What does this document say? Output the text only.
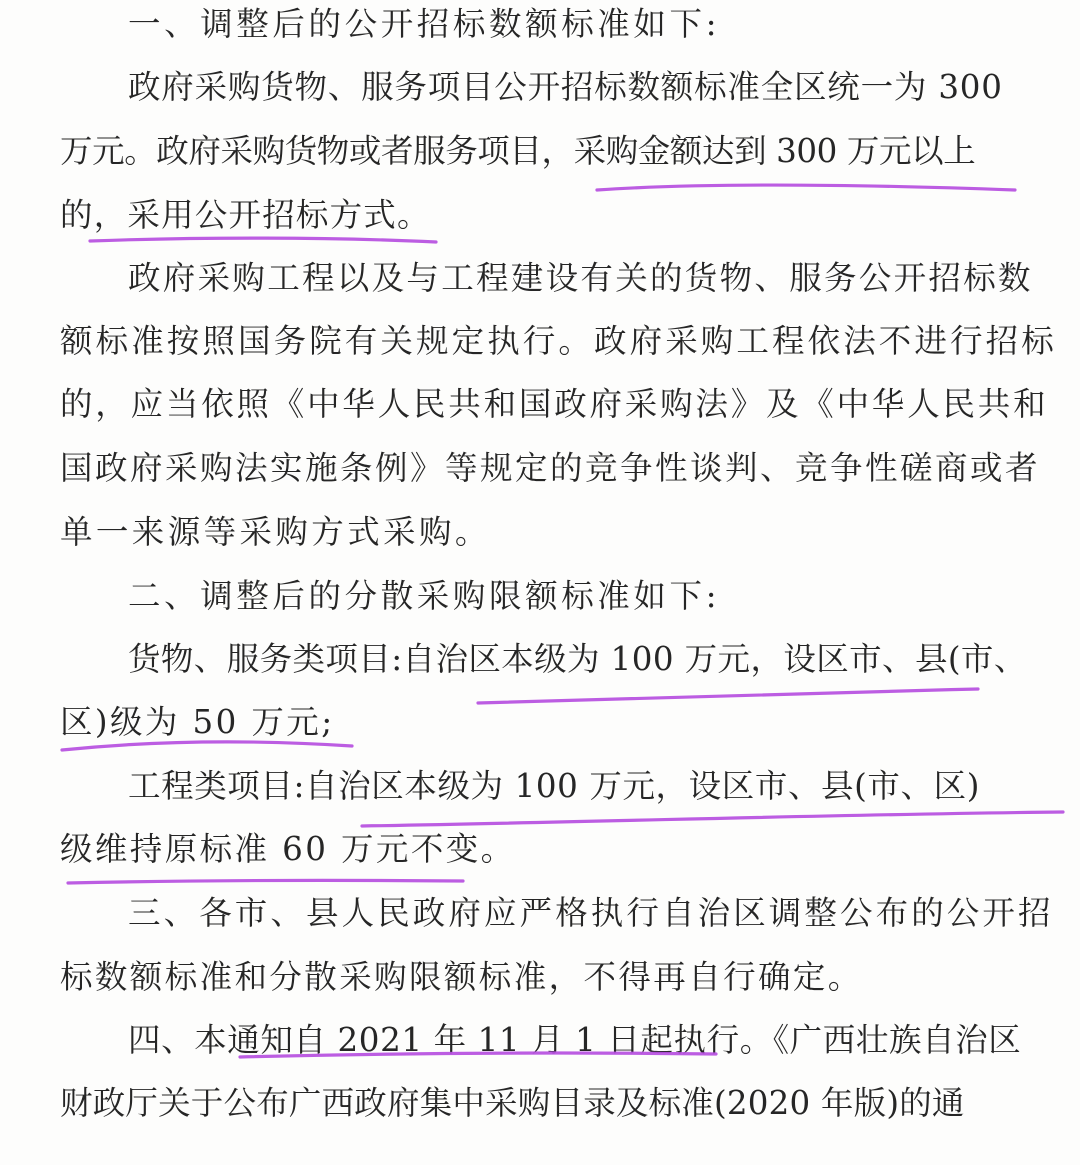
一、调整后的公开招标数额标准如下:
政府采购货物、服务项目公开招标数额标准全区统一为 300
万元。政府采购货物或者服务项目，采购金额达到 300 万元以上
的，采用公开招标方式。
政府采购工程以及与工程建设有关的货物、服务公开招标数
额标准按照国务院有关规定执行。政府采购工程依法不进行招标
的，应当依照《中华人民共和国政府采购法》及《中华人民共和
国政府采购法实施条例》等规定的竞争性谈判、竞争性磋商或者
单一来源等采购方式采购。
二、调整后的分散采购限额标准如下:
货物、服务类项目:自治区本级为 100 万元，设区市、县(市、
区)级为 50 万元;
工程类项目:自治区本级为 100 万元，设区市、县(市、区)
级维持原标准 60 万元不变。
三、各市、县人民政府应严格执行自治区调整公布的公开招
标数额标准和分散采购限额标准，不得再自行确定。
四、本通知自 2021 年 11 月 1 日起执行。《广西壮族自治区
财政厅关于公布广西政府集中采购目录及标准(2020 年版)的通
